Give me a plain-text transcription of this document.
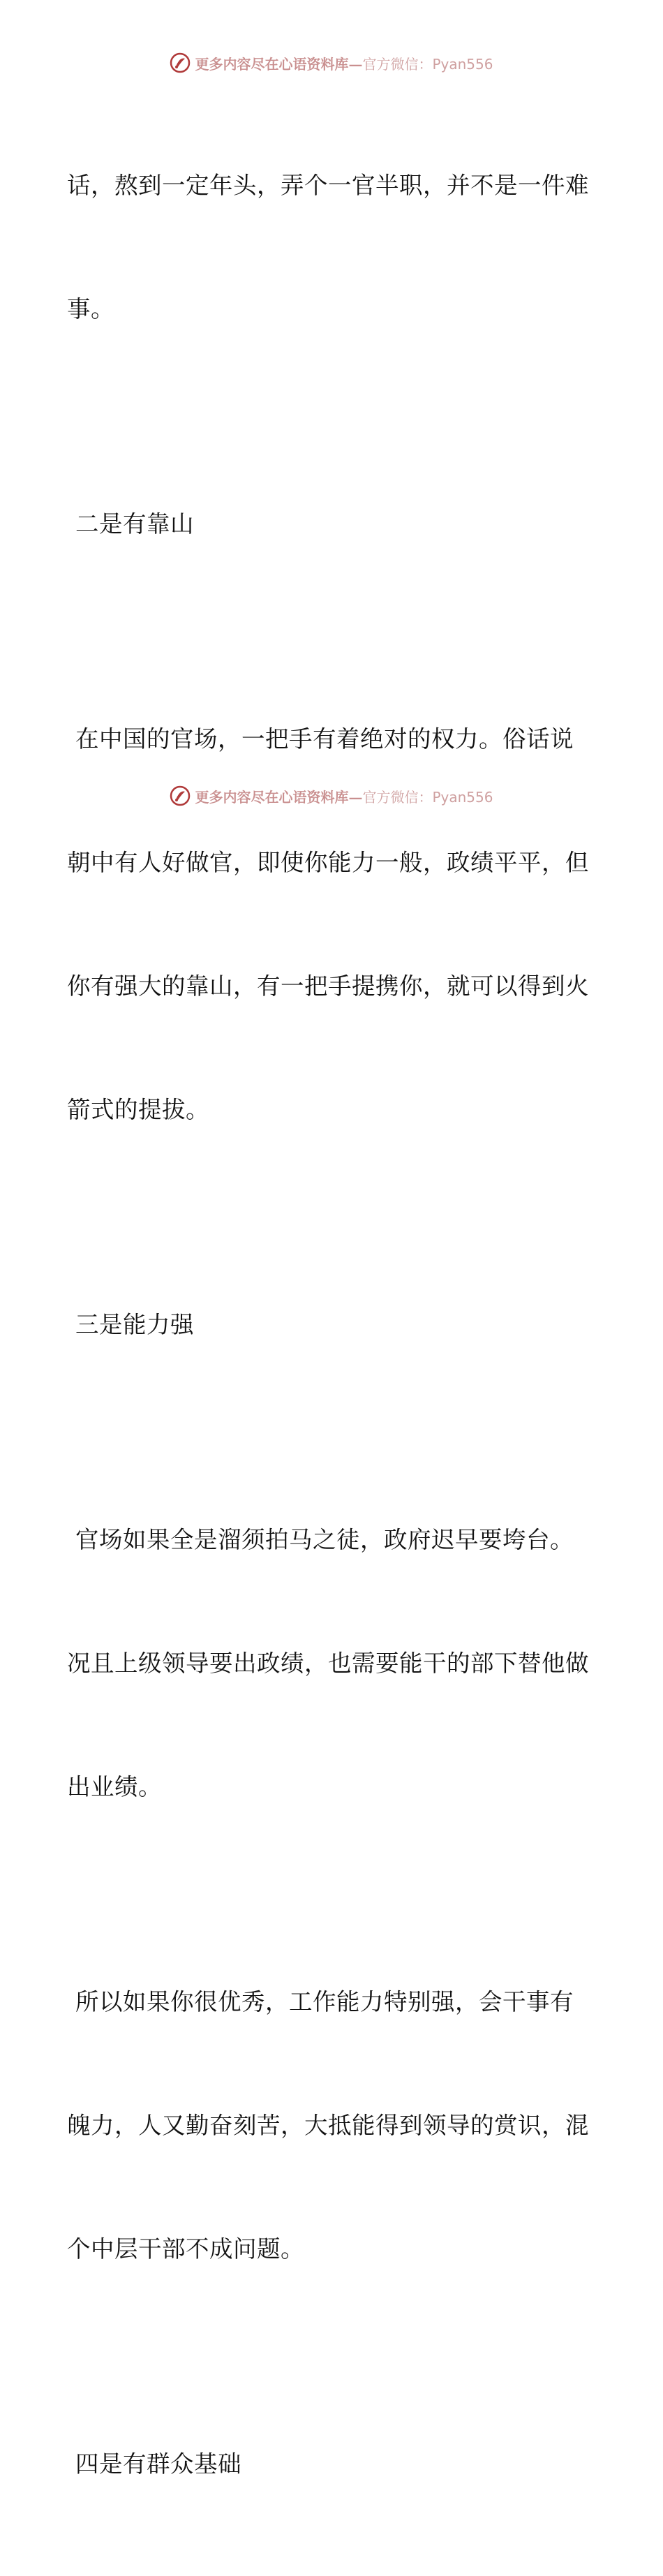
更多内容尽在心语资料库—官方微信：Pyan556

话，熬到一定年头，弄个一官半职，并不是一件难

事。

二是有靠山

在中国的官场，一把手有着绝对的权力。俗话说

朝中有人好做官，即使你能力一般，政绩平平，但

你有强大的靠山，有一把手提携你，就可以得到火

箭式的提拔。

三是能力强

官场如果全是溜须拍马之徒，政府迟早要垮台。

况且上级领导要出政绩，也需要能干的部下替他做

出业绩。

所以如果你很优秀，工作能力特别强，会干事有

魄力，人又勤奋刻苦，大抵能得到领导的赏识，混

个中层干部不成问题。

四是有群众基础

更多内容尽在心语资料库—官方微信：Pyan556
